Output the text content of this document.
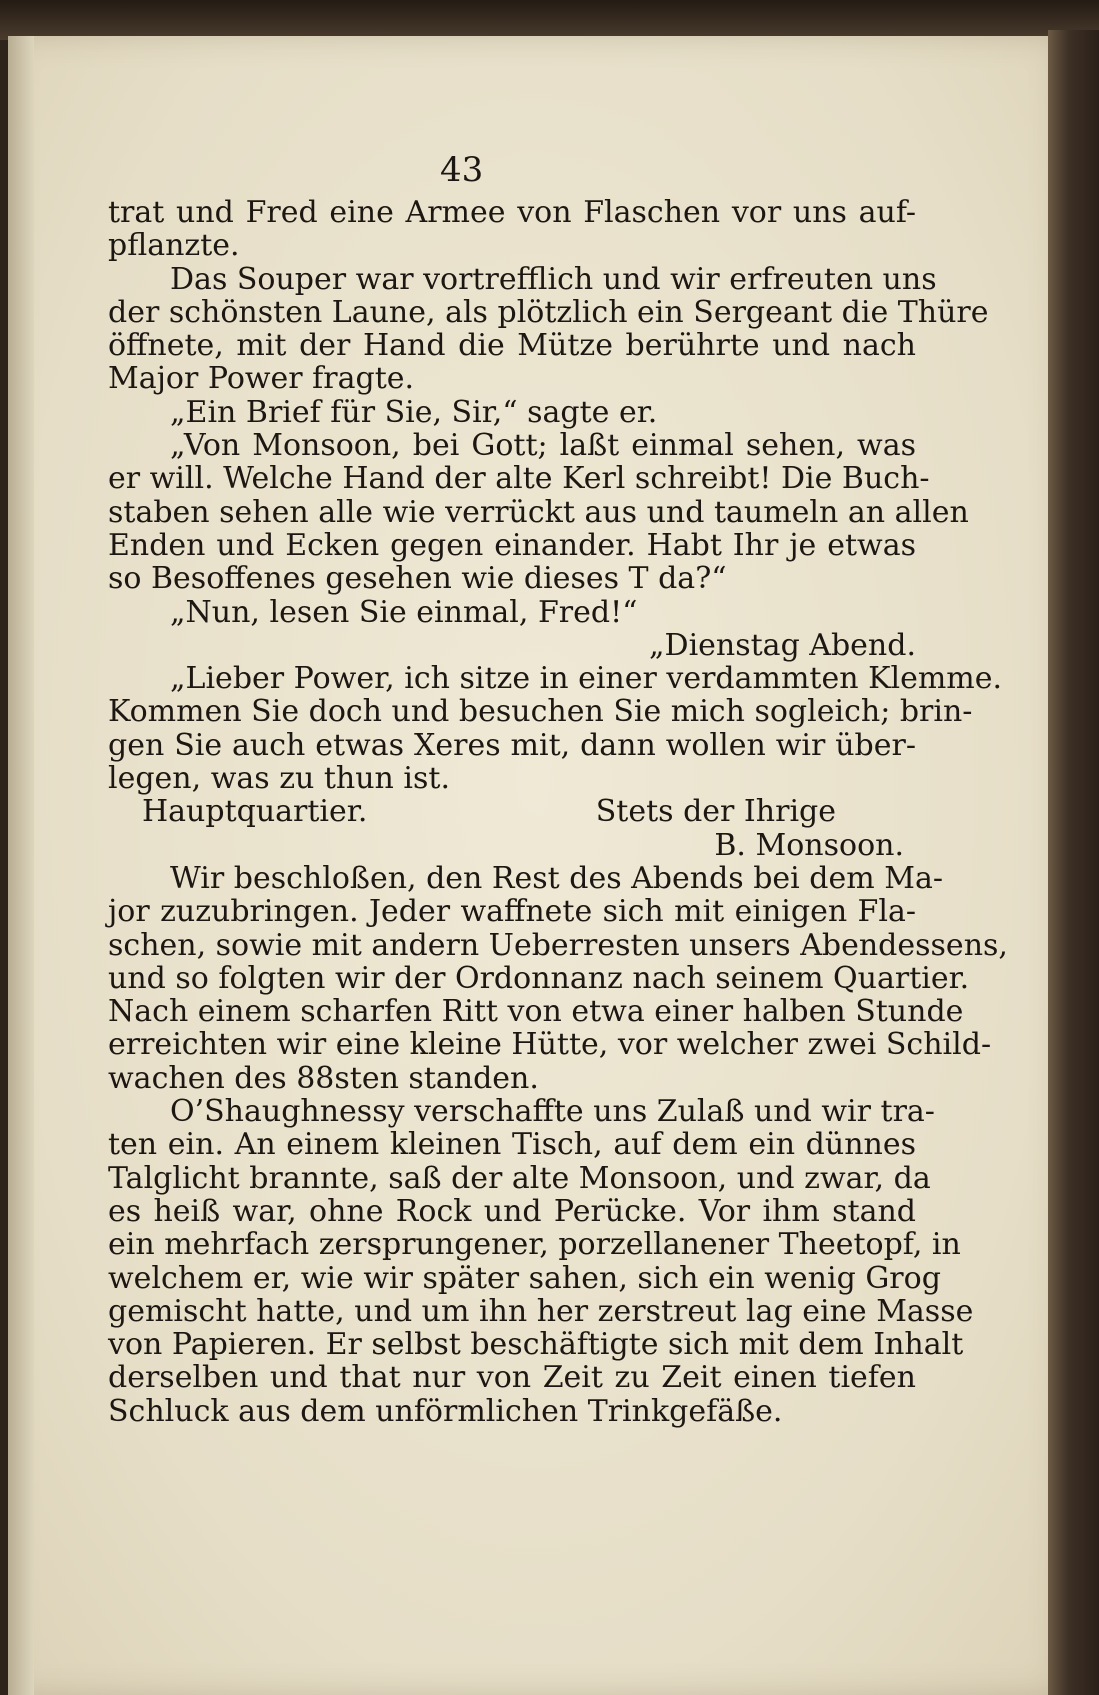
43
trat und Fred eine Armee von Flaschen vor uns auf-
pflanzte.
Das Souper war vortrefflich und wir erfreuten uns
der schönsten Laune, als plötzlich ein Sergeant die Thüre
öffnete, mit der Hand die Mütze berührte und nach
Major Power fragte.
„Ein Brief für Sie, Sir,“ sagte er.
„Von Monsoon, bei Gott; laßt einmal sehen, was
er will. Welche Hand der alte Kerl schreibt! Die Buch-
staben sehen alle wie verrückt aus und taumeln an allen
Enden und Ecken gegen einander. Habt Ihr je etwas
so Besoffenes gesehen wie dieses T da?“
„Nun, lesen Sie einmal, Fred!“
„Dienstag Abend.
„Lieber Power, ich sitze in einer verdammten Klemme.
Kommen Sie doch und besuchen Sie mich sogleich; brin-
gen Sie auch etwas Xeres mit, dann wollen wir über-
legen, was zu thun ist.
Hauptquartier.	Stets der Ihrige
B. Monsoon.
Wir beschloßen, den Rest des Abends bei dem Ma-
jor zuzubringen. Jeder waffnete sich mit einigen Fla-
schen, sowie mit andern Ueberresten unsers Abendessens,
und so folgten wir der Ordonnanz nach seinem Quartier.
Nach einem scharfen Ritt von etwa einer halben Stunde
erreichten wir eine kleine Hütte, vor welcher zwei Schild-
wachen des 88sten standen.
O’Shaughnessy verschaffte uns Zulaß und wir tra-
ten ein. An einem kleinen Tisch, auf dem ein dünnes
Talglicht brannte, saß der alte Monsoon, und zwar, da
es heiß war, ohne Rock und Perücke. Vor ihm stand
ein mehrfach zersprungener, porzellanener Theetopf, in
welchem er, wie wir später sahen, sich ein wenig Grog
gemischt hatte, und um ihn her zerstreut lag eine Masse
von Papieren. Er selbst beschäftigte sich mit dem Inhalt
derselben und that nur von Zeit zu Zeit einen tiefen
Schluck aus dem unförmlichen Trinkgefäße.
